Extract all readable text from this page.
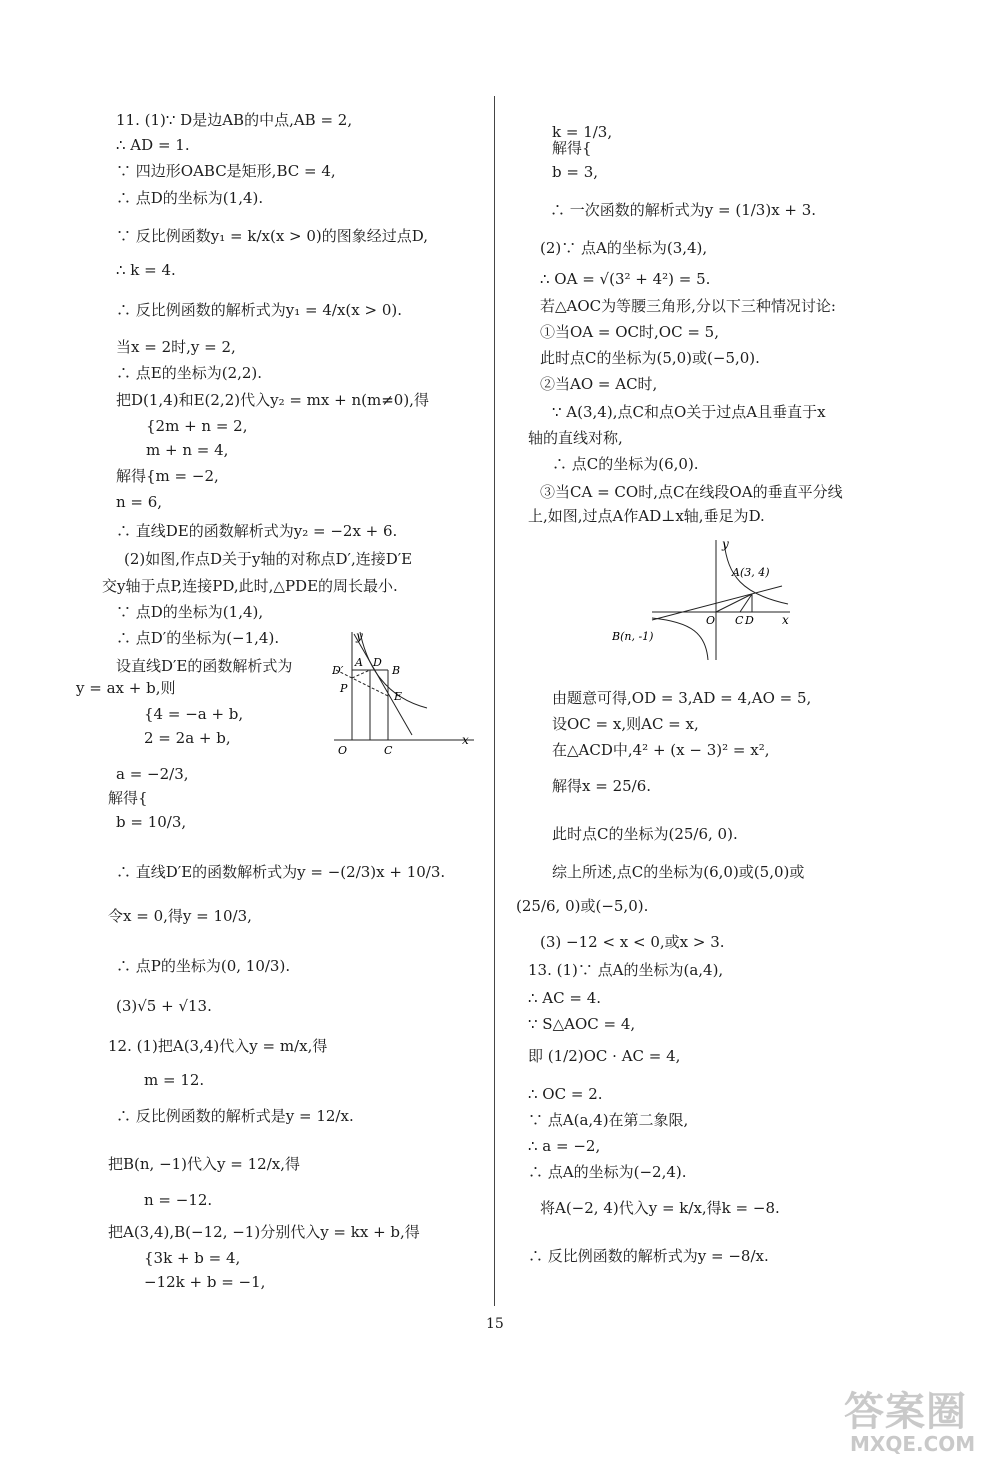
11. (1)∵ D是边AB的中点,AB = 2,
∴ AD = 1.
∵ 四边形OABC是矩形,BC = 4,
∴ 点D的坐标为(1,4).
∵ 反比例函数y₁ = k/x(x > 0)的图象经过点D,
∴ k = 4.
∴ 反比例函数的解析式为y₁ = 4/x(x > 0).
当x = 2时,y = 2,
∴ 点E的坐标为(2,2).
把D(1,4)和E(2,2)代入y₂ = mx + n(m≠0),得
{2m + n = 2,
m + n = 4,
解得{m = −2,
n = 6,
∴ 直线DE的函数解析式为y₂ = −2x + 6.
(2)如图,作点D关于y轴的对称点D′,连接D′E
交y轴于点P,连接PD,此时,△PDE的周长最小.
∵ 点D的坐标为(1,4),
∴ 点D′的坐标为(−1,4).
设直线D′E的函数解析式为
y = ax + b,则
{4 = −a + b,
2 = 2a + b,
a = −2/3,
解得{
b = 10/3,
∴ 直线D′E的函数解析式为y = −(2/3)x + 10/3.
令x = 0,得y = 10/3,
∴ 点P的坐标为(0, 10/3).
(3)√5 + √13.
12. (1)把A(3,4)代入y = m/x,得
m = 12.
∴ 反比例函数的解析式是y = 12/x.
把B(n, −1)代入y = 12/x,得
n = −12.
把A(3,4),B(−12, −1)分别代入y = kx + b,得
{3k + b = 4,
−12k + b = −1,
y
x
A D
D′	B
P
E
O	C
k = 1/3,
解得{
b = 3,
∴ 一次函数的解析式为y = (1/3)x + 3.
(2)∵ 点A的坐标为(3,4),
∴ OA = √(3² + 4²) = 5.
若△AOC为等腰三角形,分以下三种情况讨论:
①当OA = OC时,OC = 5,
此时点C的坐标为(5,0)或(−5,0).
②当AO = AC时,
∵ A(3,4),点C和点O关于过点A且垂直于x
轴的直线对称,
∴ 点C的坐标为(6,0).
③当CA = CO时,点C在线段OA的垂直平分线
上,如图,过点A作AD⊥x轴,垂足为D.
y
x
A(3, 4)
B(n, -1)
O C D
由题意可得,OD = 3,AD = 4,AO = 5,
设OC = x,则AC = x,
在△ACD中,4² + (x − 3)² = x²,
解得x = 25/6.
此时点C的坐标为(25/6, 0).
综上所述,点C的坐标为(6,0)或(5,0)或
(25/6, 0)或(−5,0).
(3) −12 < x < 0,或x > 3.
13. (1)∵ 点A的坐标为(a,4),
∴ AC = 4.
∵ S△AOC = 4,
即 (1/2)OC · AC = 4,
∴ OC = 2.
∵ 点A(a,4)在第二象限,
∴ a = −2,
∴ 点A的坐标为(−2,4).
将A(−2, 4)代入y = k/x,得k = −8.
∴ 反比例函数的解析式为y = −8/x.
15
答案圈
MXQE.COM
